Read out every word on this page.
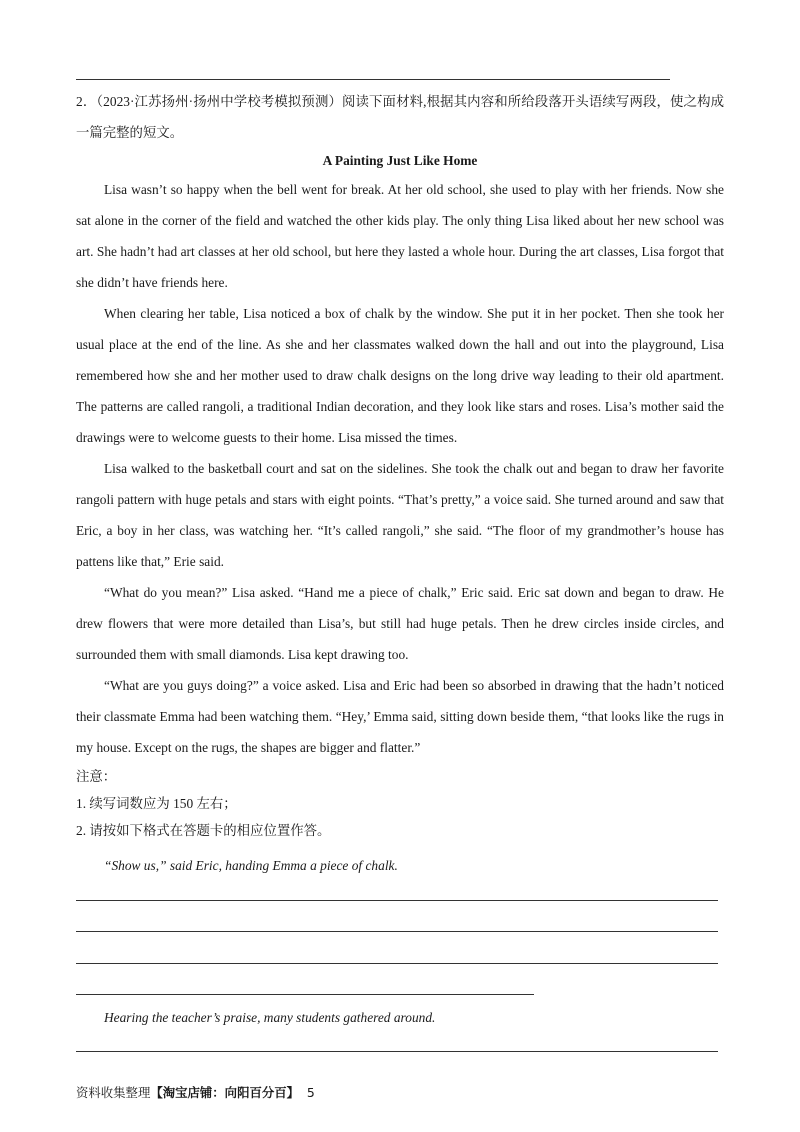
2．（2023·江苏扬州·扬州中学校考模拟预测）阅读下面材料,根据其内容和所给段落开头语续写两段，使之构成一篇完整的短文。
A Painting Just Like Home

Lisa wasn’t so happy when the bell went for break. At her old school, she used to play with her friends. Now she sat alone in the corner of the field and watched the other kids play. The only thing Lisa liked about her new school was art. She hadn’t had art classes at her old school, but here they lasted a whole hour. During the art classes, Lisa forgot that she didn’t have friends here.

When clearing her table, Lisa noticed a box of chalk by the window. She put it in her pocket. Then she took her usual place at the end of the line. As she and her classmates walked down the hall and out into the playground, Lisa remembered how she and her mother used to draw chalk designs on the long drive way leading to their old apartment. The patterns are called rangoli, a traditional Indian decoration, and they look like stars and roses. Lisa’s mother said the drawings were to welcome guests to their home. Lisa missed the times.

Lisa walked to the basketball court and sat on the sidelines. She took the chalk out and began to draw her favorite rangoli pattern with huge petals and stars with eight points. “That’s pretty,” a voice said. She turned around and saw that Eric, a boy in her class, was watching her. “It’s called rangoli,” she said. “The floor of my grandmother’s house has pattens like that,” Erie said.

“What do you mean?” Lisa asked. “Hand me a piece of chalk,” Eric said. Eric sat down and began to draw. He drew flowers that were more detailed than Lisa’s, but still had huge petals. Then he drew circles inside circles, and surrounded them with small diamonds. Lisa kept drawing too.

“What are you guys doing?” a voice asked. Lisa and Eric had been so absorbed in drawing that the hadn’t noticed their classmate Emma had been watching them. “Hey,’ Emma said, sitting down beside them, “that looks like the rugs in my house. Except on the rugs, the shapes are bigger and flatter.”

注意：
1. 续写词数应为 150 左右；
2. 请按如下格式在答题卡的相应位置作答。
“Show us,” said Eric, handing Emma a piece of chalk.
Hearing the teacher’s praise, many students gathered around.
资料收集整理【淘宝店铺：向阳百分百】 5
